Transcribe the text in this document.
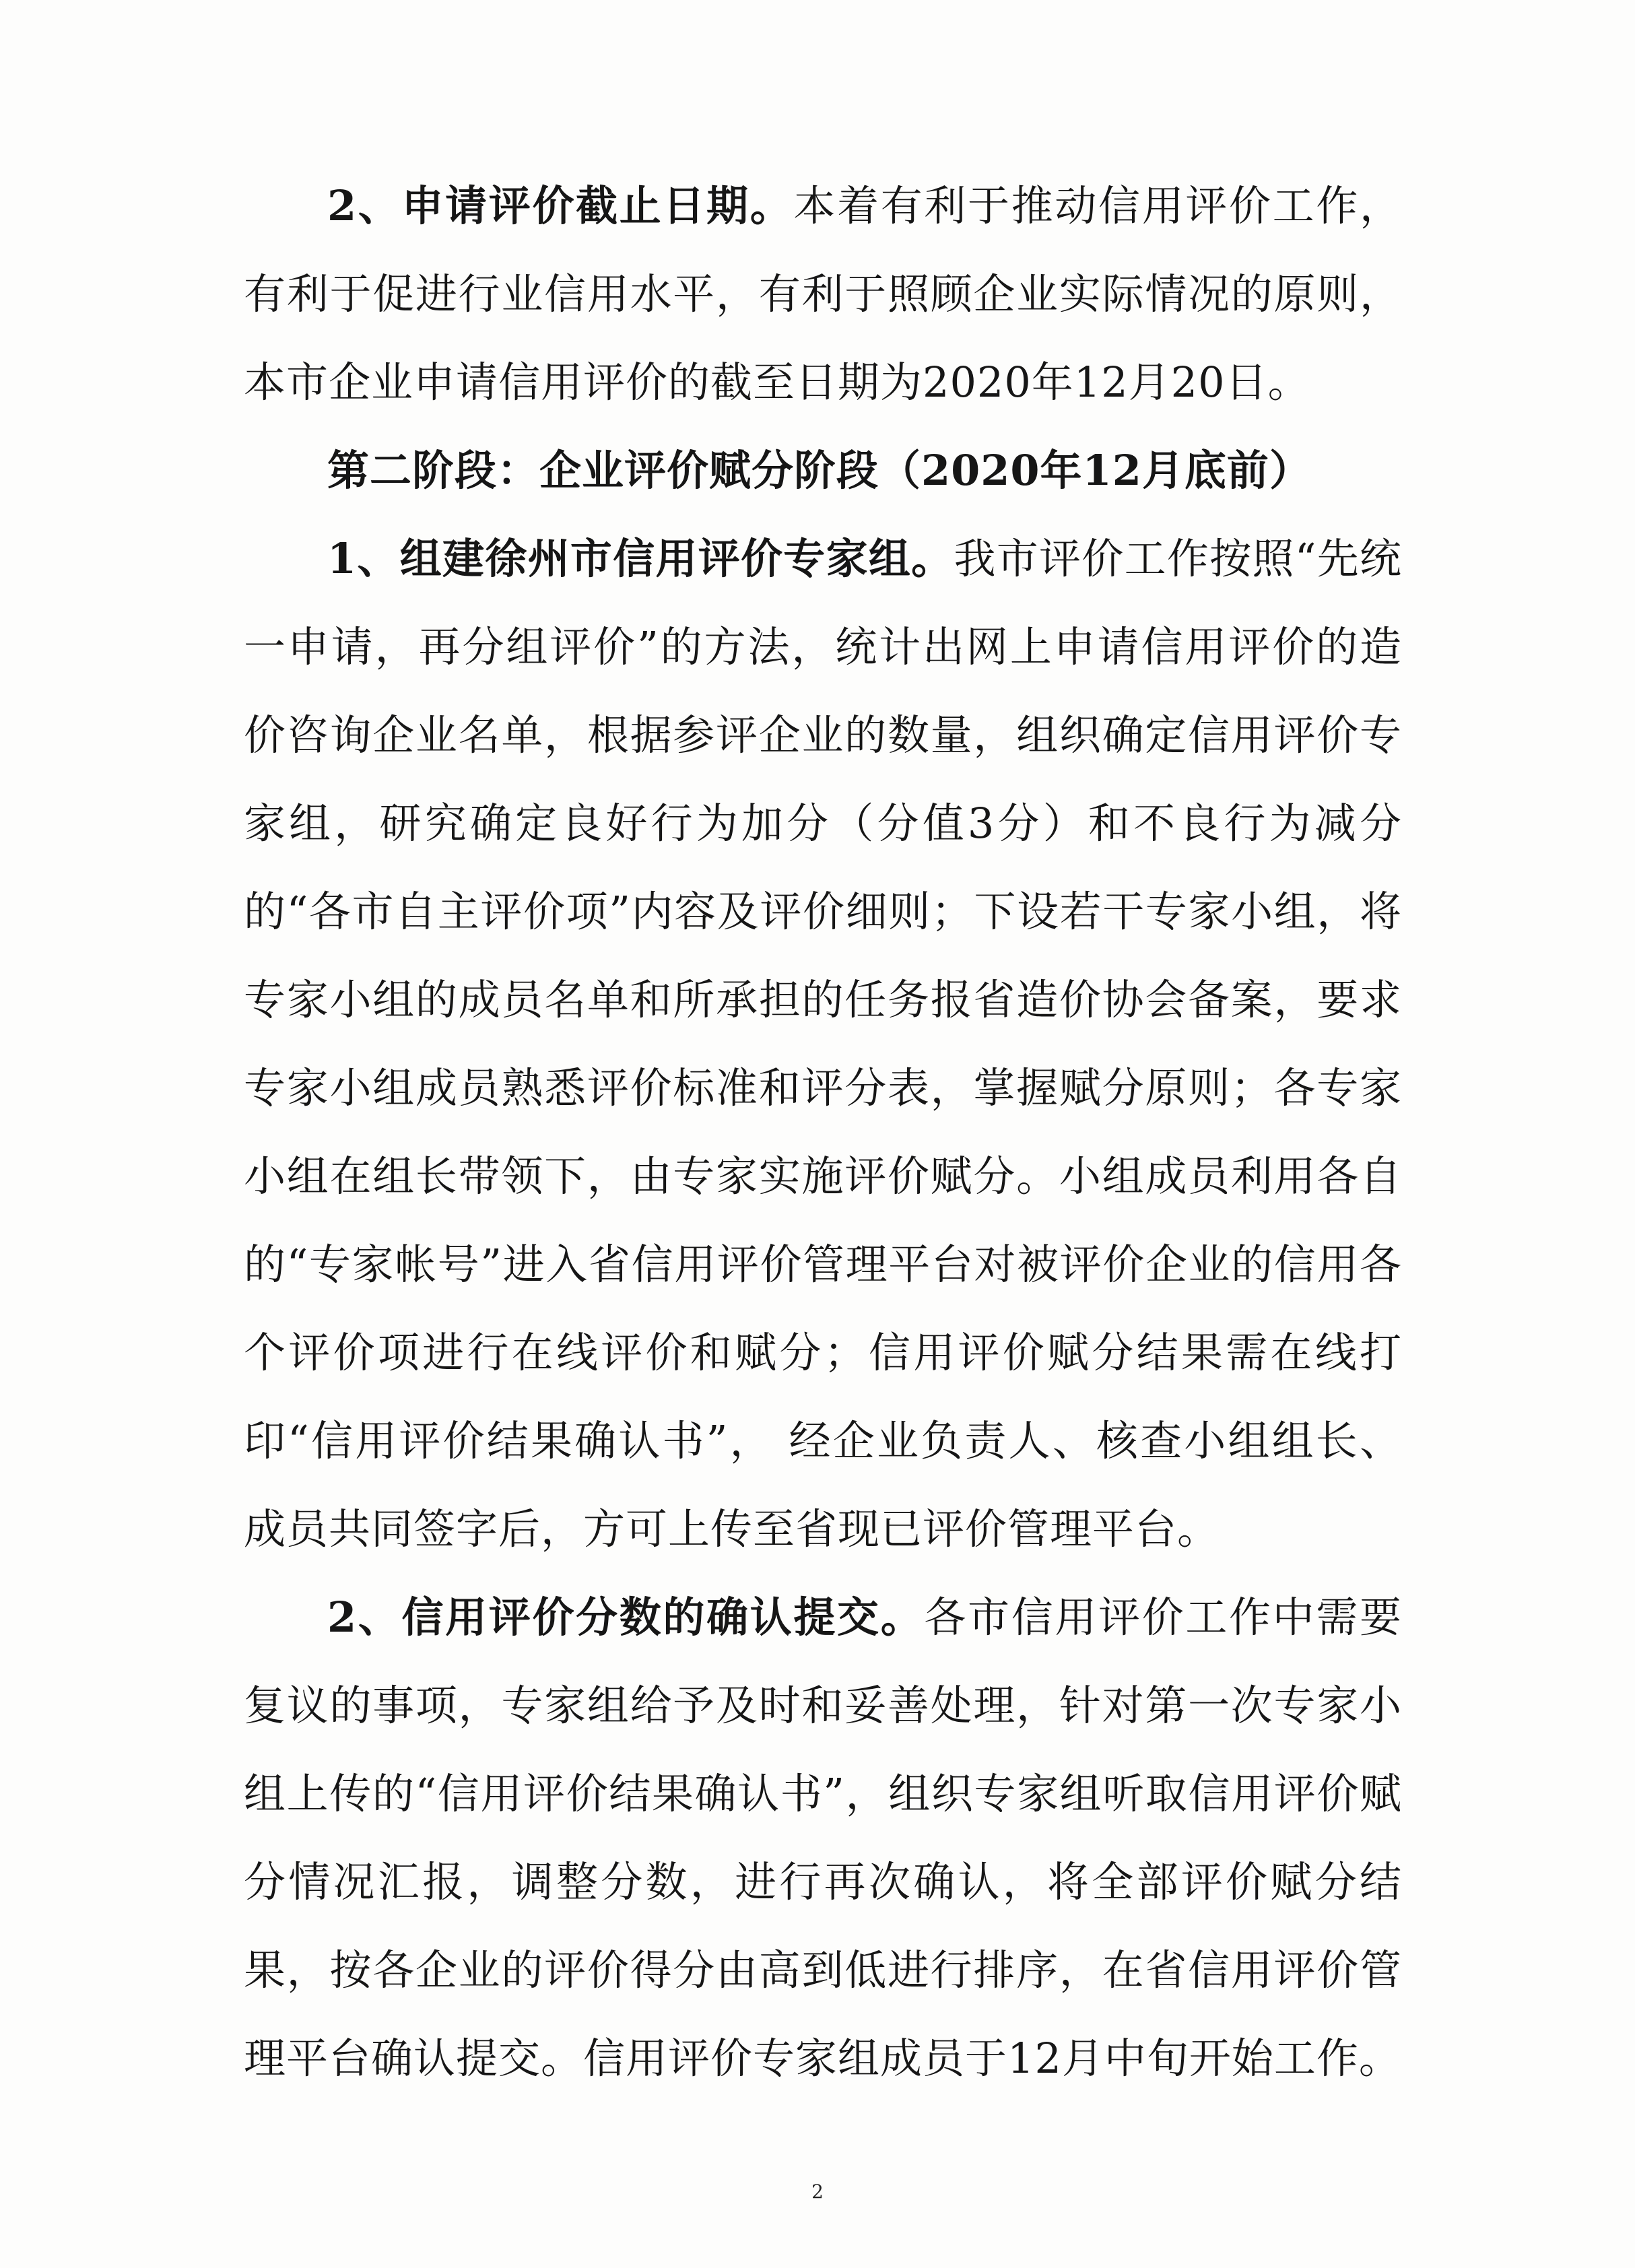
2、申请评价截止日期。本着有利于推动信用评价工作，有利于促进行业信用水平，有利于照顾企业实际情况的原则，本市企业申请信用评价的截至日期为2020年12月20日。

第二阶段：企业评价赋分阶段（2020年12月底前）

1、组建徐州市信用评价专家组。我市评价工作按照“先统一申请，再分组评价”的方法，统计出网上申请信用评价的造价咨询企业名单，根据参评企业的数量，组织确定信用评价专家组，研究确定良好行为加分（分值3分）和不良行为减分的“各市自主评价项”内容及评价细则；下设若干专家小组，将专家小组的成员名单和所承担的任务报省造价协会备案，要求专家小组成员熟悉评价标准和评分表，掌握赋分原则；各专家小组在组长带领下，由专家实施评价赋分。小组成员利用各自的“专家帐号”进入省信用评价管理平台对被评价企业的信用各个评价项进行在线评价和赋分；信用评价赋分结果需在线打印“信用评价结果确认书”， 经企业负责人、核查小组组长、成员共同签字后，方可上传至省现已评价管理平台。

2、信用评价分数的确认提交。各市信用评价工作中需要复议的事项，专家组给予及时和妥善处理，针对第一次专家小组上传的“信用评价结果确认书”，组织专家组听取信用评价赋分情况汇报，调整分数，进行再次确认，将全部评价赋分结果，按各企业的评价得分由高到低进行排序，在省信用评价管理平台确认提交。信用评价专家组成员于12月中旬开始工作。

2
